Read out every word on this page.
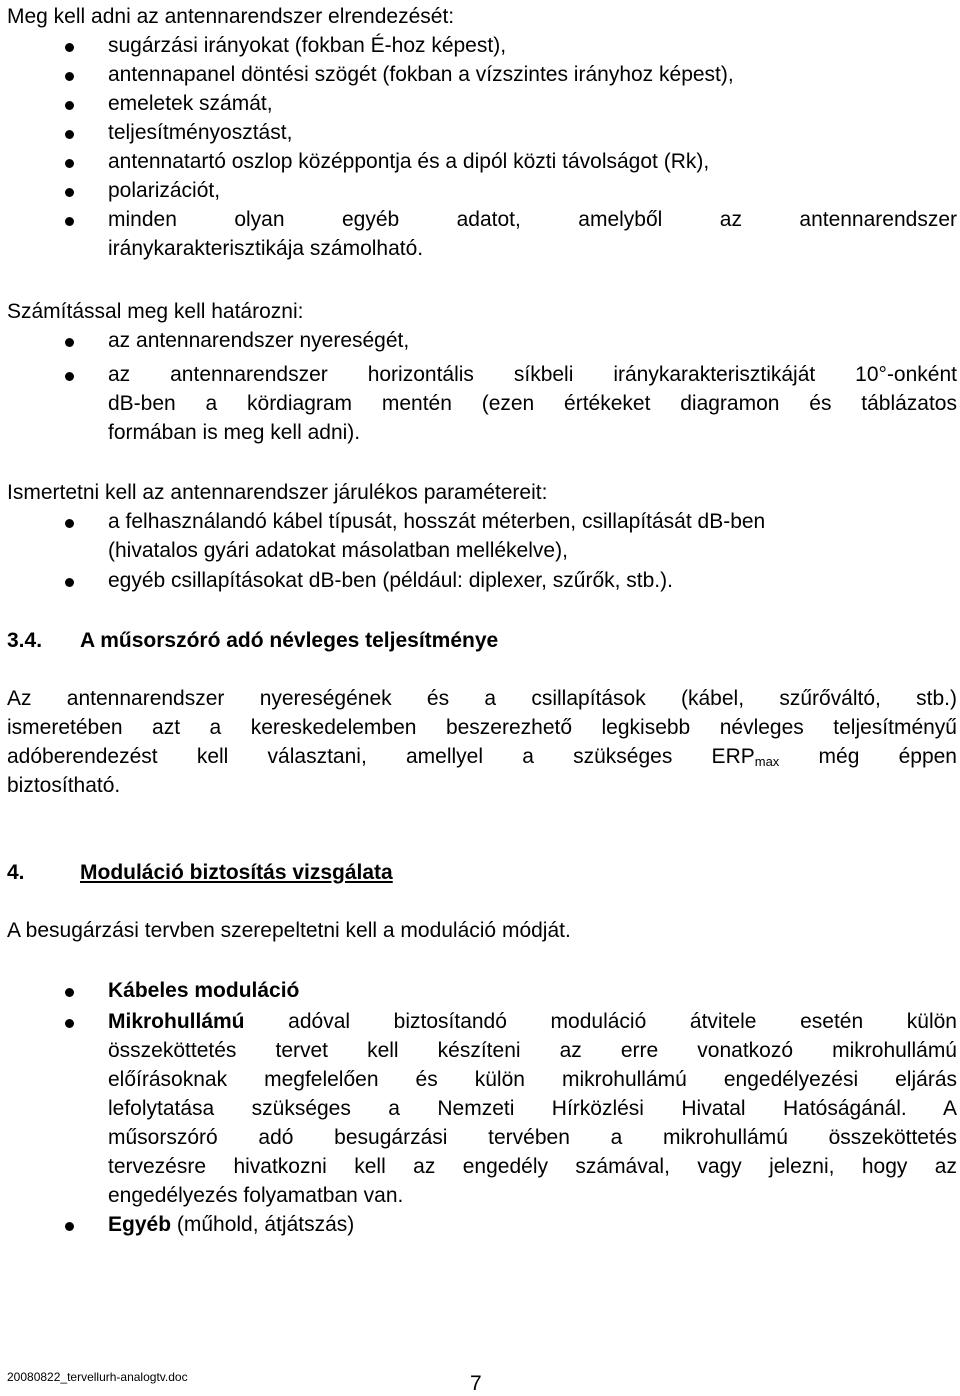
Meg kell adni az antennarendszer elrendezését:
sugárzási irányokat (fokban É-hoz képest),
antennapanel döntési szögét (fokban a vízszintes irányhoz képest),
emeletek számát,
teljesítményosztást,
antennatartó oszlop középpontja és a dipól közti távolságot (Rk),
polarizációt,
minden olyan egyéb adatot, amelyből az antennarendszer
iránykarakterisztikája számolható.
Számítással meg kell határozni:
az antennarendszer nyereségét,
az antennarendszer horizontális síkbeli iránykarakterisztikáját 10°-onként
dB-ben a kördiagram mentén (ezen értékeket diagramon és táblázatos
formában is meg kell adni).
Ismertetni kell az antennarendszer járulékos paramétereit:
a felhasználandó kábel típusát, hosszát méterben, csillapítását dB-ben
(hivatalos gyári adatokat másolatban mellékelve),
egyéb csillapításokat dB-ben (például: diplexer, szűrők, stb.).
3.4. A műsorszóró adó névleges teljesítménye
Az antennarendszer nyereségének és a csillapítások (kábel, szűrőváltó, stb.)
ismeretében azt a kereskedelemben beszerezhető legkisebb névleges teljesítményű
adóberendezést kell választani, amellyel a szükséges $ERP_{max}$ még éppen
biztosítható.
4.	Moduláció biztosítás vizsgálata
A besugárzási tervben szerepeltetni kell a moduláció módját.
Kábeles moduláció
Mikrohullámú adóval biztosítandó moduláció átvitele esetén külön
összeköttetés tervet kell készíteni az erre vonatkozó mikrohullámú
előírásoknak megfelelően és külön mikrohullámú engedélyezési eljárás
lefolytatása szükséges a Nemzeti Hírközlési Hivatal Hatóságánál. A
műsorszóró adó besugárzási tervében a mikrohullámú összeköttetés
tervezésre hivatkozni kell az engedély számával, vagy jelezni, hogy az
engedélyezés folyamatban van.
Egyéb (műhold, átjátszás)
20080822_tervellurh-analogtv.doc	7
